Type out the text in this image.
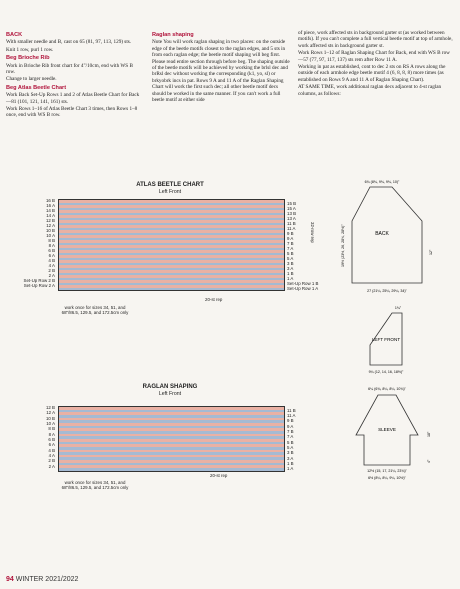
BACK

With smaller needle and B, cast on 65 (81, 97, 113, 129) sts.

Knit 1 row, purl 1 row.

Beg Brioche Rib

Work in Brioche Rib front chart for 4"/10cm, end with WS B row.

Change to larger needle.

Beg Atlas Beetle Chart

Work Back Set-Up Rows 1 and 2 of Atlas Beetle Chart for Back—81 (101, 121, 141, 161) sts.

Work Rows 1–16 of Atlas Beetle Chart 3 times, then Rows 1–8 once, end with WS B row.

Raglan shaping

Note You will work raglan shaping in two places: on the outside edge of the beetle motifs closest to the raglan edges, and 5 sts in from each raglan edge; the beetle motif shaping will beg first. Please read entire section through before beg. The shaping outside of the beetle motifs will be achieved by working the brlsl dec and brRsl dec without working the corresponding (k1, yo, sl) or brkyobrk incs in pat. Rows 9 A and 11 A of the Raglan Shaping Chart will work the first such dec; all other beetle motif decs should be worked in the same manner. If you can't work a full beetle motif at either side

of piece, work affected sts in background garter st (as worked between motifs). If you can't complete a full vertical beetle motif at top of armhole, work affected sts in background garter st.

Work Rows 1–12 of Raglan Shaping Chart for Back, end with WS B row—57 (77, 97, 117, 137) sts rem after Row 11 A.

Working in pat as established, cont to dec 2 sts on RS A rows along the outside of each armhole edge beetle motif 4 (6, 8, 8, 8) more times (as established on Rows 9 A and 11 A of Raglan Shaping Chart).

AT SAME TIME, work additional raglan decs adjacent to 4-st raglan columns, as follows:

ATLAS BEETLE CHART
Left Front
16 B
16 A
14 B
14 A
12 B
12 A
10 B
10 A
8 B
8 A
6 B
6 A
4 B
4 A
2 B
2 A
Set-Up Row 2 B
Set-Up Row 2 A
15 B
15 A
13 B
13 A
11 B
11 A
9 B
9 A
7 B
7 A
5 B
5 A
3 B
3 A
1 B
1 A
Set-Up Row 1 B
Set-Up Row 1 A
20-st rep
32-row rep
work once for sizes 34, 51, and 68"/86.5, 129.5, and 172.5cm only
RAGLAN SHAPING
Left Front
12 B
12 A
10 B
10 A
8 B
8 A
6 B
6 A
4 B
4 A
2 B
2 A
11 B
11 A
9 B
9 A
7 B
7 A
5 B
5 A
3 B
3 A
1 B
1 A
20-st rep
work once for sizes 34, 51, and 68"/86.5, 129.5, and 172.5cm only
BACK
6¾ (8¾, 9¾, 9¾, 10)"
27 (21¼, 25¼, 29¼, 34)"
19½ (23½, 26, 28¾, 28½)"	12"
LEFT FRONT
1¾"
9¼ (12, 14, 16, 18½)"
SLEEVE
6¼ (6¾, 8¼, 8¼, 10¾)"
12½ (15, 17, 21¼, 23¾)"
6½ (8¼, 8¼, 9¼, 10½)"
18"
4"
94 WINTER 2021/2022
